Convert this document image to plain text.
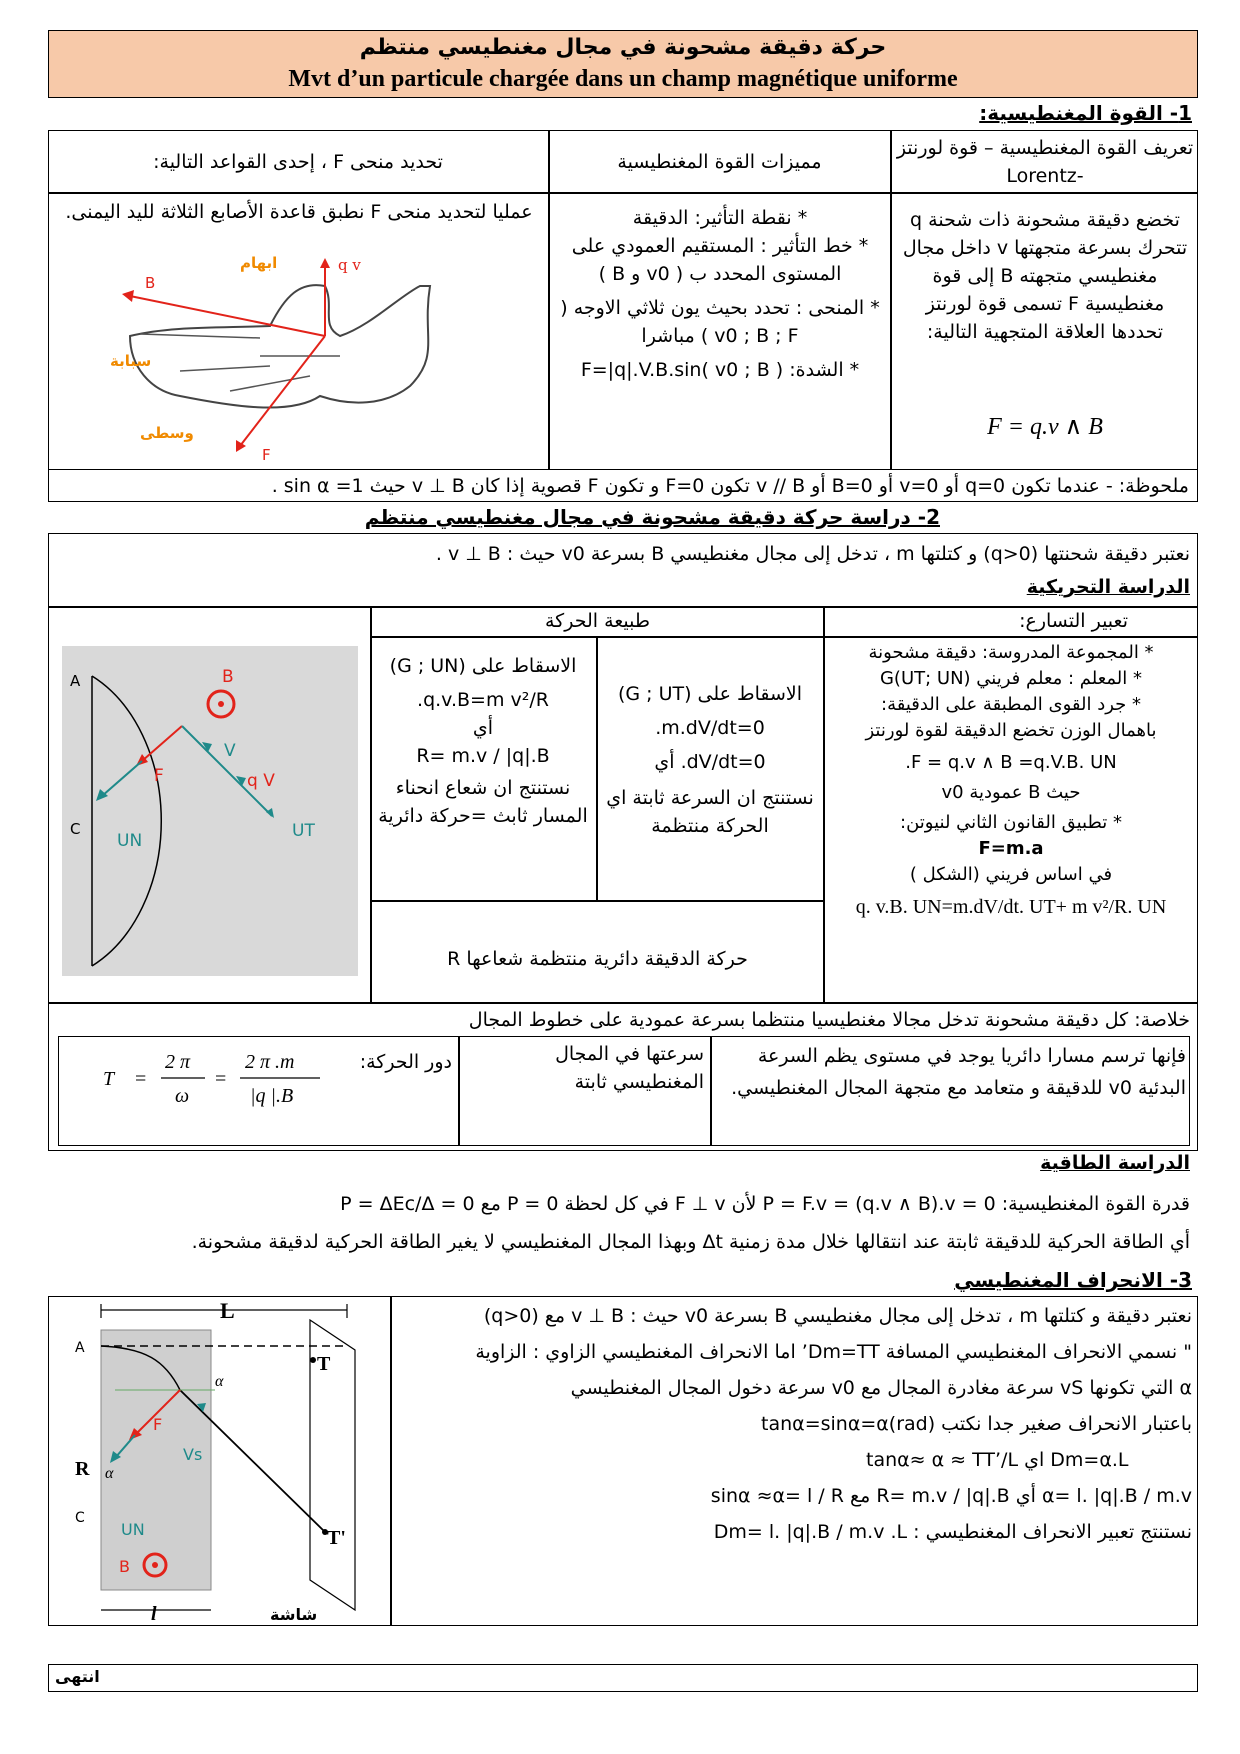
حركة دقيقة مشحونة في مجال مغنطيسي منتظم
Mvt d’un particule chargée dans un champ magnétique uniforme
1- القوة المغنطيسية:
تعريف القوة المغنطيسية – قوة لورنتز -Lorentz
مميزات القوة المغنطيسية
تحديد منحى F ، إحدى القواعد التالية:
تخضع دقيقة مشحونة ذات شحنة q تتحرك بسرعة متجهتها v داخل مجال مغنطيسي متجهته B إلى قوة مغنطيسية F تسمى قوة لورنتز تحددها العلاقة المتجهية التالية:
F = q.v ∧ B
* نقطة التأثير: الدقيقة
* خط التأثير : المستقيم العمودي على المستوى المحدد ب ( v0 و B )
* المنحى : تحدد بحيث يون ثلاثي الاوجه ( v0 ; B ; F ) مباشرا
* الشدة: F=|q|.V.B.sin( v0 ; B )
عمليا لتحديد منحى F نطبق قاعدة الأصابع الثلاثة لليد اليمنى.
ابهام	q v
B
سبابة
وسطى
F
ملحوظة: - عندما تكون q=0 أو v=0 أو B=0 أو v // B تكون F=0 و تكون F قصوية إذا كان v ⊥ B حيث sin α =1 .
2- دراسة حركة دقيقة مشحونة في مجال مغنطيسي منتظم
نعتبر دقيقة شحنتها (q>0) و كتلتها m ، تدخل إلى مجال مغنطيسي B بسرعة v0 حيث : v ⊥ B .
الدراسة التحريكية
تعبير التسارع:
طبيعة الحركة
* المجموعة المدروسة: دقيقة مشحونة
* المعلم : معلم فريني G(UT; UN)
* جرد القوى المطبقة على الدقيقة:
باهمال الوزن تخضع الدقيقة لقوة لورنتز
F = q.v ∧ B =q.V.B. UN.
حيث B عمودية v0
* تطبيق القانون الثاني لنيوتن:
F=m.a
في اساس فريني (الشكل )
q. v.B. UN=m.dV/dt. UT+ m v²/R. UN
الاسقاط على (G ; UT)
0=m.dV/dt.
dV/dt=0. أي
نستنتج ان السرعة ثابتة اي الحركة منتظمة
الاسقاط على (G ; UN)
q.v.B=m v²/R.
أي
R= m.v / |q|.B
نستنتج ان شعاع انحناء المسار ثابث =حركة دائرية
حركة الدقيقة دائرية منتظمة شعاعها R
A
C
B
F
UN
V
q V
UT
خلاصة: كل دقيقة مشحونة تدخل مجالا مغنطيسيا منتظما بسرعة عمودية على خطوط المجال
فإنها ترسم مسارا دائريا يوجد في مستوى يظم السرعة البدئية v0 للدقيقة و متعامد مع متجهة المجال المغنطيسي.
سرعتها في المجال المغنطيسي ثابتة
دور الحركة:
T =
2 π
ω
=
2 π .m
|q |.B
الدراسة الطاقية
قدرة القوة المغنطيسية: P = F.v = (q.v ∧ B).v = 0 لأن F ⊥ v في كل لحظة P = 0 مع P = ΔEc/Δ = 0
أي الطاقة الحركية للدقيقة ثابتة عند انتقالها خلال مدة زمنية Δt وبهذا المجال المغنطيسي لا يغير الطاقة الحركية لدقيقة مشحونة.
3- الانحراف المغنطيسي
نعتبر دقيقة و كتلتها m ، تدخل إلى مجال مغنطيسي B بسرعة v0 حيث : v ⊥ B مع (q>0)
" نسمي الانحراف المغنطيسي المسافة Dm=TT’ اما الانحراف المغنطيسي الزاوي : الزاوية
α التي تكونها vS سرعة مغادرة المجال مع v0 سرعة دخول المجال المغنطيسي
باعتبار الانحراف صغير جدا نكتب tanα=sinα=α(rad)
Dm=α.L اي tanα≈ α ≈ TT’/L
α= l. |q|.B / m.v أي R= m.v / |q|.B مع sinα ≈α= l / R
نستنتج تعبير الانحراف المغنطيسي : Dm= l. |q|.B / m.v .L
L
A
T
T'
α
R α
C
F
UN
Vs
B
l	شاشة
انتهى
